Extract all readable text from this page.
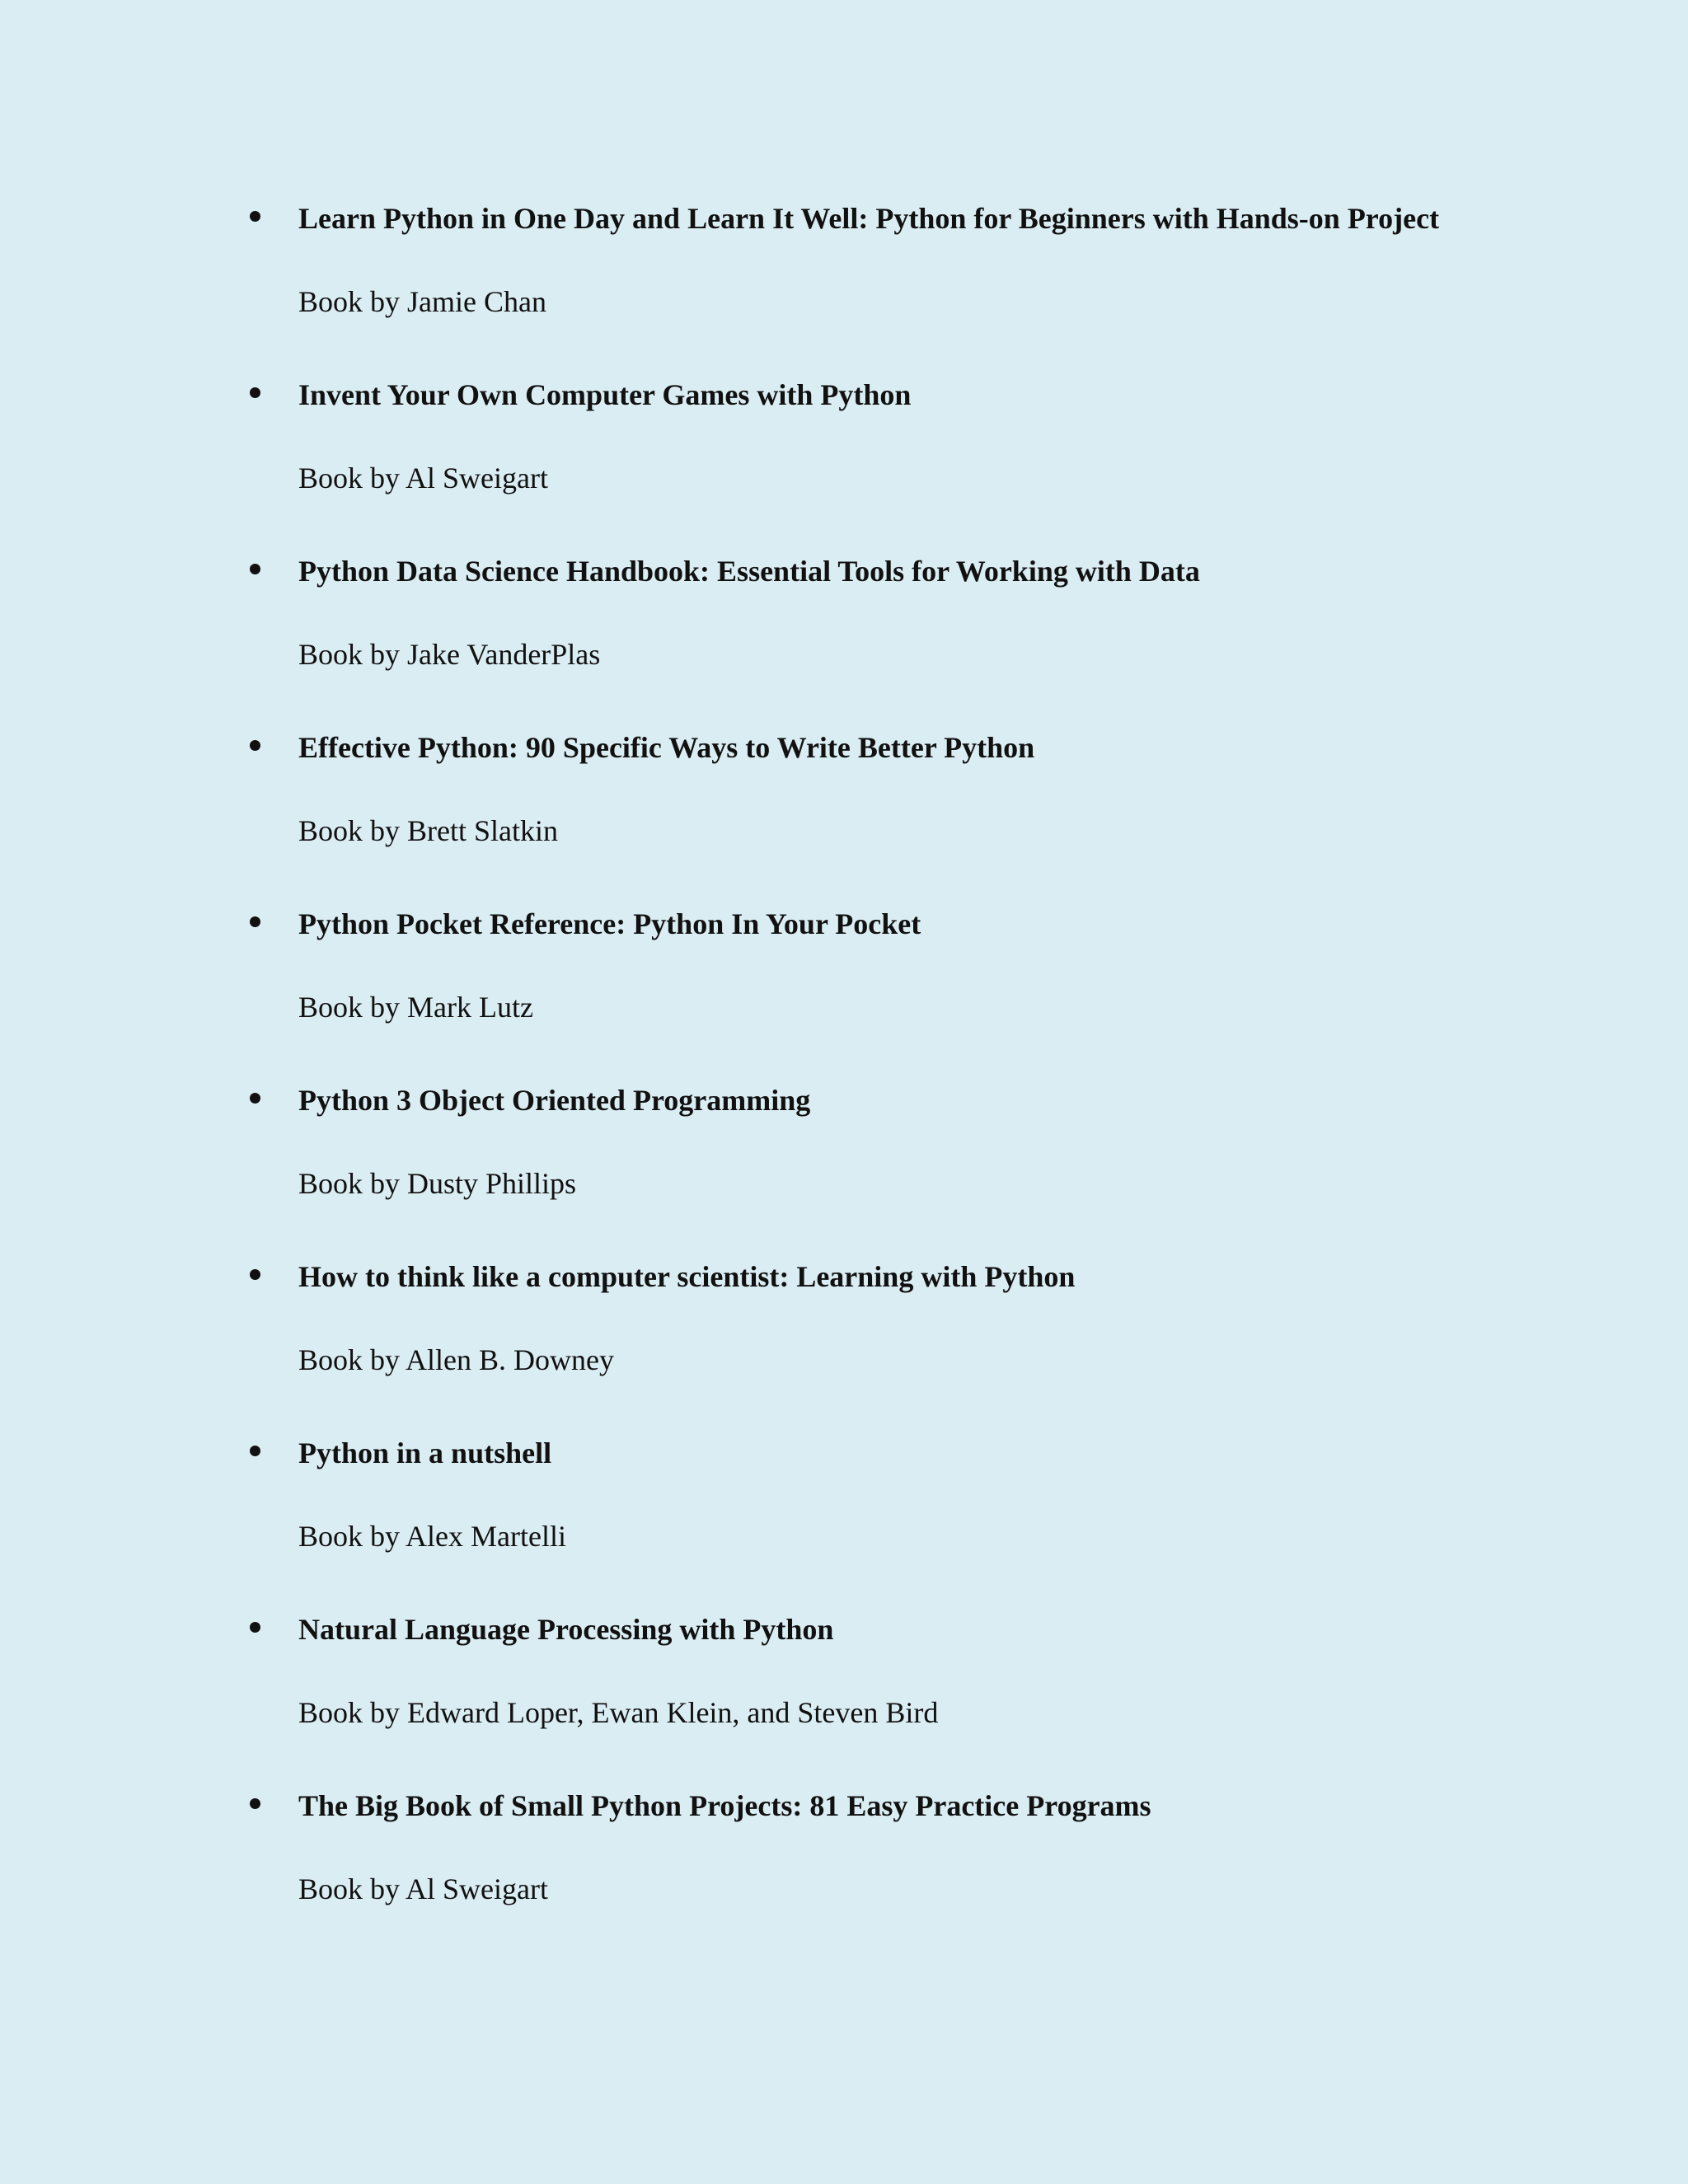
Learn Python in One Day and Learn It Well: Python for Beginners with Hands-on Project

Book by Jamie Chan

Invent Your Own Computer Games with Python

Book by Al Sweigart

Python Data Science Handbook: Essential Tools for Working with Data

Book by Jake VanderPlas

Effective Python: 90 Specific Ways to Write Better Python

Book by Brett Slatkin

Python Pocket Reference: Python In Your Pocket

Book by Mark Lutz

Python 3 Object Oriented Programming

Book by Dusty Phillips

How to think like a computer scientist: Learning with Python

Book by Allen B. Downey

Python in a nutshell

Book by Alex Martelli

Natural Language Processing with Python

Book by Edward Loper, Ewan Klein, and Steven Bird

The Big Book of Small Python Projects: 81 Easy Practice Programs

Book by Al Sweigart
